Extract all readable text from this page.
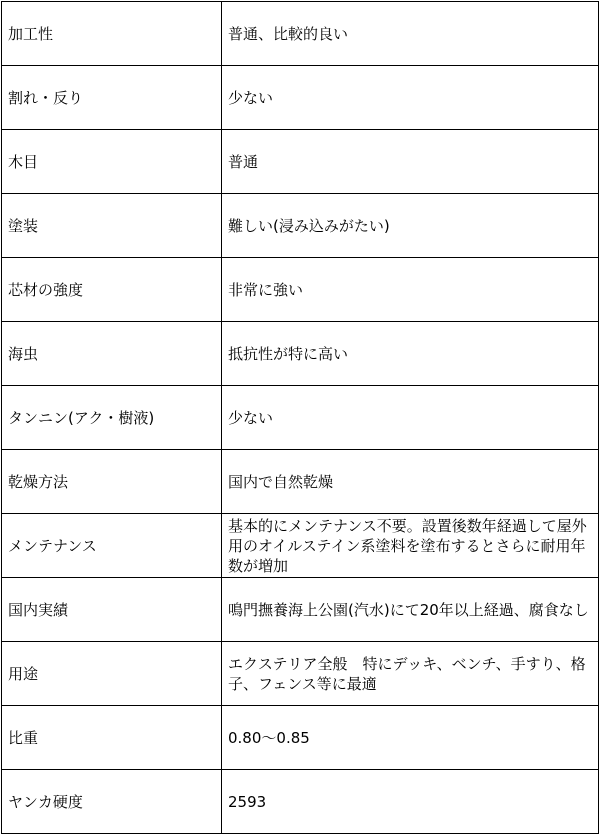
加工性	普通、比較的良い
割れ・反り	少ない
木目	普通
塗装	難しい(浸み込みがたい)
芯材の強度	非常に強い
海虫	抵抗性が特に高い
タンニン(アク・樹液)	少ない
乾燥方法	国内で自然乾燥
メンテナンス	基本的にメンテナンス不要。設置後数年経過して屋外用のオイルステイン系塗料を塗布するとさらに耐用年数が増加
国内実績	鳴門撫養海上公園(汽水)にて20年以上経過、腐食なし
用途	エクステリア全般　特にデッキ、ベンチ、手すり、格子、フェンス等に最適
比重	0.80～0.85
ヤンカ硬度	2593
